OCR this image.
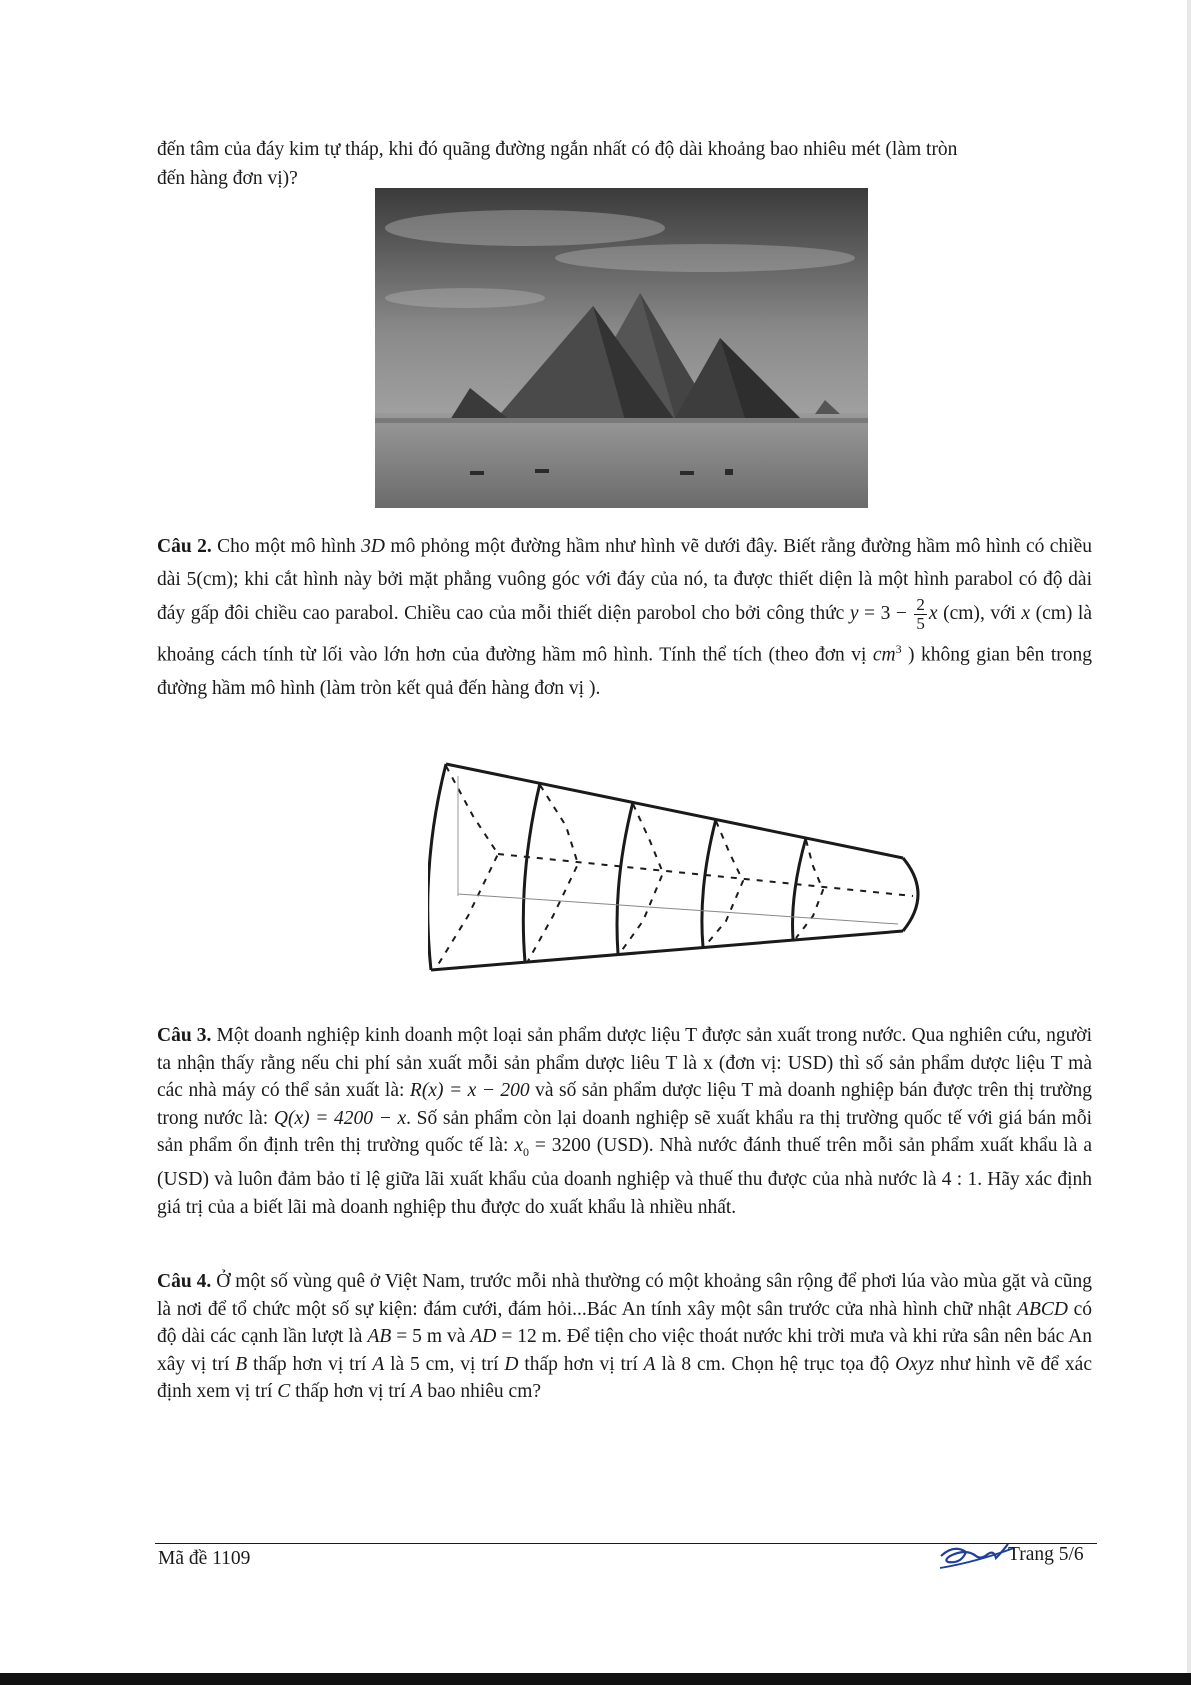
đến tâm của đáy kim tự tháp, khi đó quãng đường ngắn nhất có độ dài khoảng bao nhiêu mét (làm tròn

đến hàng đơn vị)?

Câu 2. Cho một mô hình 3D mô phỏng một đường hầm như hình vẽ dưới đây. Biết rằng đường hầm mô hình có chiều dài 5(cm); khi cắt hình này bởi mặt phẳng vuông góc với đáy của nó, ta được thiết diện là một hình parabol có độ dài đáy gấp đôi chiều cao parabol. Chiều cao của mỗi thiết diện parobol cho bởi công thức $y = 3 - \frac{2}{5}$ x (cm), với x (cm) là khoảng cách tính từ lối vào lớn hơn của đường hầm mô hình. Tính thể tích (theo đơn vị $cm^3$ ) không gian bên trong đường hầm mô hình (làm tròn kết quả đến hàng đơn vị ).

Câu 3. Một doanh nghiệp kinh doanh một loại sản phẩm dược liệu T được sản xuất trong nước. Qua nghiên cứu, người ta nhận thấy rằng nếu chi phí sản xuất mỗi sản phẩm dược liêu T là x (đơn vị: USD) thì số sản phẩm dược liệu T mà các nhà máy có thể sản xuất là: R(x) = x − 200 và số sản phẩm dược liệu T mà doanh nghiệp bán được trên thị trường trong nước là: Q(x) = 4200 − x. Số sản phẩm còn lại doanh nghiệp sẽ xuất khẩu ra thị trường quốc tế với giá bán mỗi sản phẩm ổn định trên thị trường quốc tế là: $x_0 = 3200$ (USD). Nhà nước đánh thuế trên mỗi sản phẩm xuất khẩu là a (USD) và luôn đảm bảo tỉ lệ giữa lãi xuất khẩu của doanh nghiệp và thuế thu được của nhà nước là 4 : 1. Hãy xác định giá trị của a biết lãi mà doanh nghiệp thu được do xuất khẩu là nhiều nhất.

Câu 4. Ở một số vùng quê ở Việt Nam, trước mỗi nhà thường có một khoảng sân rộng để phơi lúa vào mùa gặt và cũng là nơi để tổ chức một số sự kiện: đám cưới, đám hỏi...Bác An tính xây một sân trước cửa nhà hình chữ nhật ABCD có độ dài các cạnh lần lượt là AB = 5 m và AD = 12 m. Để tiện cho việc thoát nước khi trời mưa và khi rửa sân nên bác An xây vị trí B thấp hơn vị trí A là 5 cm, vị trí D thấp hơn vị trí A là 8 cm. Chọn hệ trục tọa độ Oxyz như hình vẽ để xác định xem vị trí C thấp hơn vị trí A bao nhiêu cm?

Mã đề 1109	Trang 5/6
